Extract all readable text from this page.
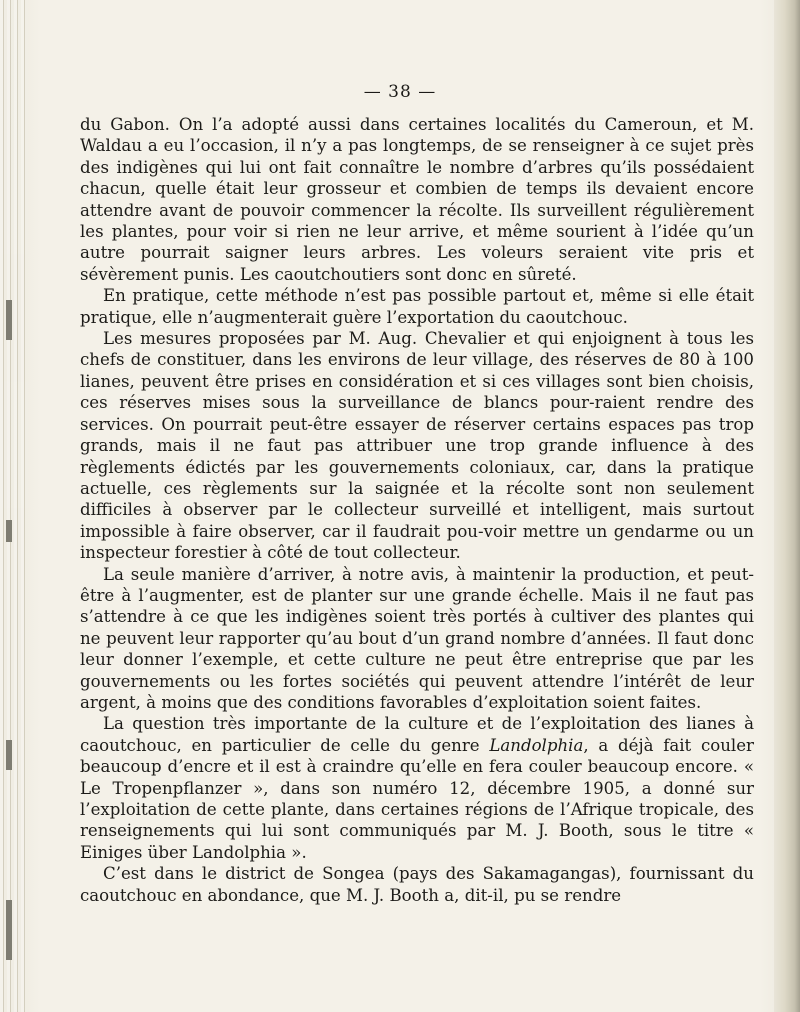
— 38 —

du Gabon. On l’a adopté aussi dans certaines localités du Cameroun, et M. Waldau a eu l’occasion, il n’y a pas longtemps, de se renseigner à ce sujet près des indigènes qui lui ont fait connaître le nombre d’arbres qu’ils possédaient chacun, quelle était leur grosseur et combien de temps ils devaient encore attendre avant de pouvoir commencer la récolte. Ils surveillent régulièrement les plantes, pour voir si rien ne leur arrive, et même sourient à l’idée qu’un autre pourrait saigner leurs arbres. Les voleurs seraient vite pris et sévèrement punis. Les caoutchoutiers sont donc en sûreté.

En pratique, cette méthode n’est pas possible partout et, même si elle était pratique, elle n’augmenterait guère l’exportation du caoutchouc.

Les mesures proposées par M. Aug. Chevalier et qui enjoignent à tous les chefs de constituer, dans les environs de leur village, des réserves de 80 à 100 lianes, peuvent être prises en considération et si ces villages sont bien choisis, ces réserves mises sous la surveillance de blancs pour-raient rendre des services. On pourrait peut-être essayer de réserver certains espaces pas trop grands, mais il ne faut pas attribuer une trop grande influence à des règlements édictés par les gouvernements coloniaux, car, dans la pratique actuelle, ces règlements sur la saignée et la récolte sont non seulement difficiles à observer par le collecteur surveillé et intelligent, mais surtout impossible à faire observer, car il faudrait pou-voir mettre un gendarme ou un inspecteur forestier à côté de tout collecteur.

La seule manière d’arriver, à notre avis, à maintenir la production, et peut-être à l’augmenter, est de planter sur une grande échelle. Mais il ne faut pas s’attendre à ce que les indigènes soient très portés à cultiver des plantes qui ne peuvent leur rapporter qu’au bout d’un grand nombre d’années. Il faut donc leur donner l’exemple, et cette culture ne peut être entreprise que par les gouvernements ou les fortes sociétés qui peuvent attendre l’intérêt de leur argent, à moins que des conditions favorables d’exploitation soient faites.

La question très importante de la culture et de l’exploitation des lianes à caoutchouc, en particulier de celle du genre Landolphia, a déjà fait couler beaucoup d’encre et il est à craindre qu’elle en fera couler beaucoup encore. « Le Tropenpflanzer », dans son numéro 12, décembre 1905, a donné sur l’exploitation de cette plante, dans certaines régions de l’Afrique tropicale, des renseignements qui lui sont communiqués par M. J. Booth, sous le titre « Einiges über Landolphia ».

C’est dans le district de Songea (pays des Sakamagangas), fournissant du caoutchouc en abondance, que M. J. Booth a, dit-il, pu se rendre
